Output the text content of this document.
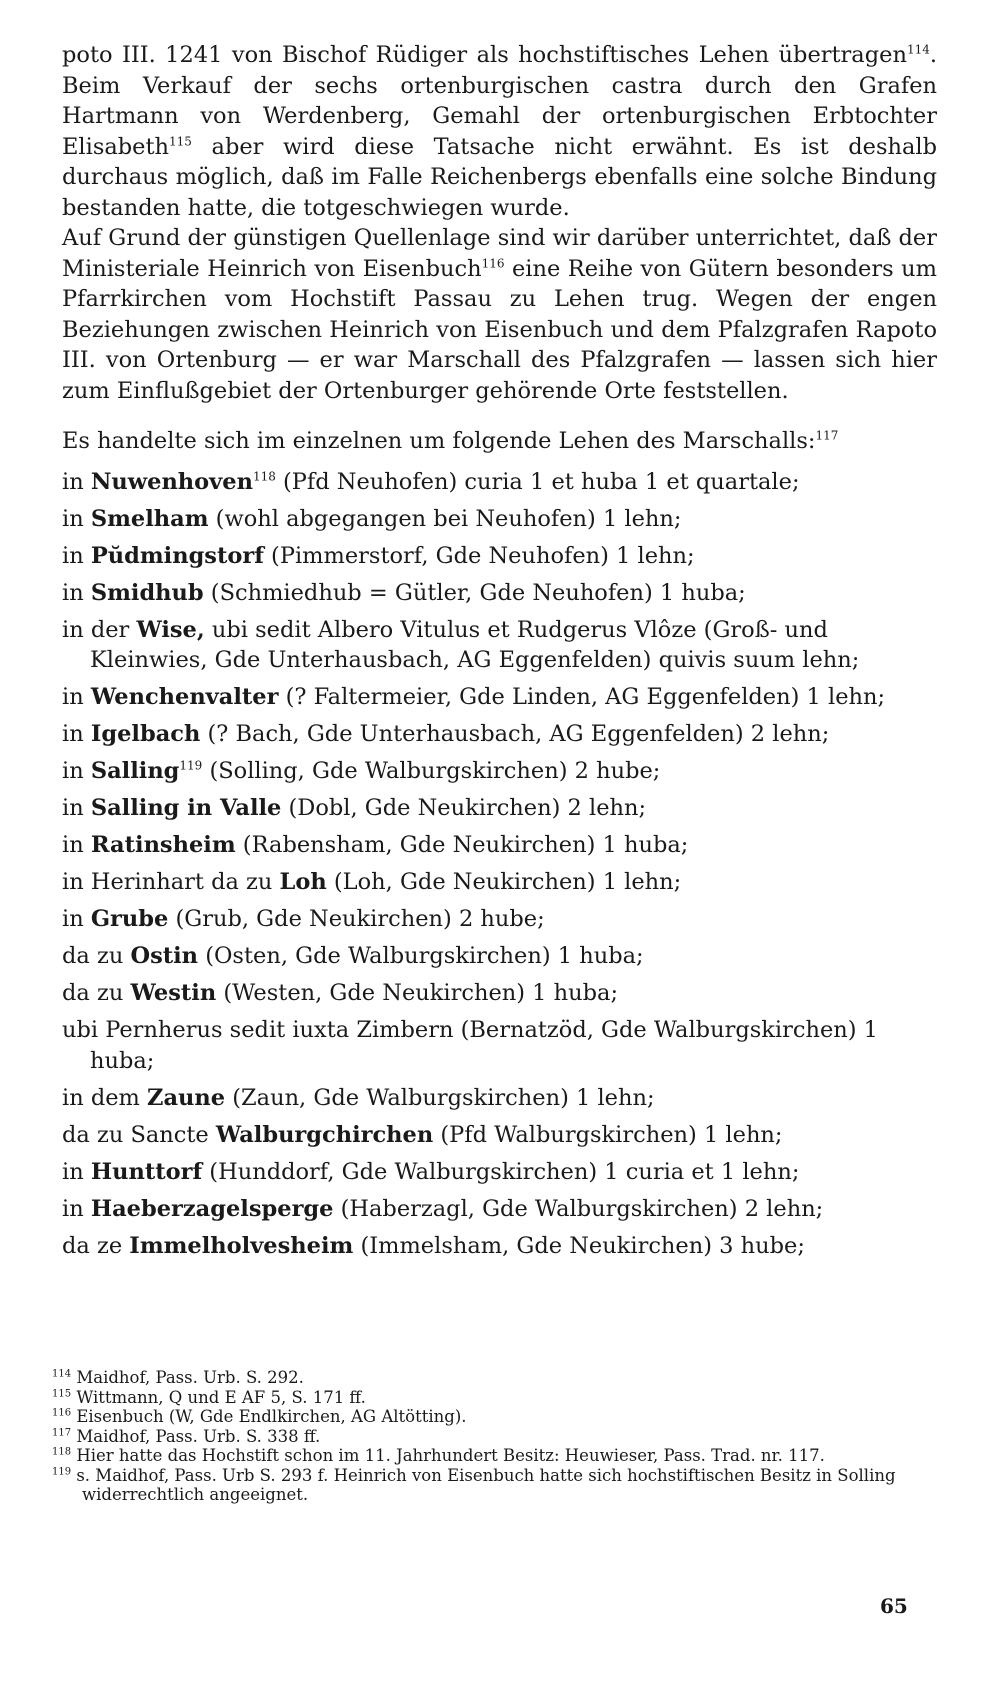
poto III. 1241 von Bischof Rüdiger als hochstiftisches Lehen übertragen$^{114}$. Beim Verkauf der sechs ortenburgischen castra durch den Grafen Hartmann von Werdenberg, Gemahl der ortenburgischen Erbtochter Elisabeth$^{115}$ aber wird diese Tatsache nicht erwähnt. Es ist deshalb durchaus möglich, daß im Falle Reichenbergs ebenfalls eine solche Bindung bestanden hatte, die totgeschwiegen wurde.

Auf Grund der günstigen Quellenlage sind wir darüber unterrichtet, daß der Ministeriale Heinrich von Eisenbuch$^{116}$ eine Reihe von Gütern besonders um Pfarrkirchen vom Hochstift Passau zu Lehen trug. Wegen der engen Beziehungen zwischen Heinrich von Eisenbuch und dem Pfalzgrafen Rapoto III. von Ortenburg — er war Marschall des Pfalzgrafen — lassen sich hier zum Einflußgebiet der Ortenburger gehörende Orte feststellen.

Es handelte sich im einzelnen um folgende Lehen des Marschalls:$^{117}$

in Nuwenhoven$^{118}$ (Pfd Neuhofen) curia 1 et huba 1 et quartale;
in Smelham (wohl abgegangen bei Neuhofen) 1 lehn;
in Pŭdmingstorf (Pimmerstorf, Gde Neuhofen) 1 lehn;
in Smidhub (Schmiedhub = Gütler, Gde Neuhofen) 1 huba;
in der Wise, ubi sedit Albero Vitulus et Rudgerus Vlôze (Groß- und Kleinwies, Gde Unterhausbach, AG Eggenfelden) quivis suum lehn;
in Wenchenvalter (? Faltermeier, Gde Linden, AG Eggenfelden) 1 lehn;
in Igelbach (? Bach, Gde Unterhausbach, AG Eggenfelden) 2 lehn;
in Salling$^{119}$ (Solling, Gde Walburgskirchen) 2 hube;
in Salling in Valle (Dobl, Gde Neukirchen) 2 lehn;
in Ratinsheim (Rabensham, Gde Neukirchen) 1 huba;
in Herinhart da zu Loh (Loh, Gde Neukirchen) 1 lehn;
in Grube (Grub, Gde Neukirchen) 2 hube;
da zu Ostin (Osten, Gde Walburgskirchen) 1 huba;
da zu Westin (Westen, Gde Neukirchen) 1 huba;
ubi Pernherus sedit iuxta Zimbern (Bernatzöd, Gde Walburgskirchen) 1 huba;
in dem Zaune (Zaun, Gde Walburgskirchen) 1 lehn;
da zu Sancte Walburgchirchen (Pfd Walburgskirchen) 1 lehn;
in Hunttorf (Hunddorf, Gde Walburgskirchen) 1 curia et 1 lehn;
in Haeberzagelsperge (Haberzagl, Gde Walburgskirchen) 2 lehn;
da ze Immelholvesheim (Immelsham, Gde Neukirchen) 3 hube;

$^{114}$ Maidhof, Pass. Urb. S. 292.

$^{115}$ Wittmann, Q und E AF 5, S. 171 ff.

$^{116}$ Eisenbuch (W, Gde Endlkirchen, AG Altötting).

$^{117}$ Maidhof, Pass. Urb. S. 338 ff.

$^{118}$ Hier hatte das Hochstift schon im 11. Jahrhundert Besitz: Heuwieser, Pass. Trad. nr. 117.

$^{119}$ s. Maidhof, Pass. Urb S. 293 f. Heinrich von Eisenbuch hatte sich hochstiftischen Besitz in Solling widerrechtlich angeeignet.

65
